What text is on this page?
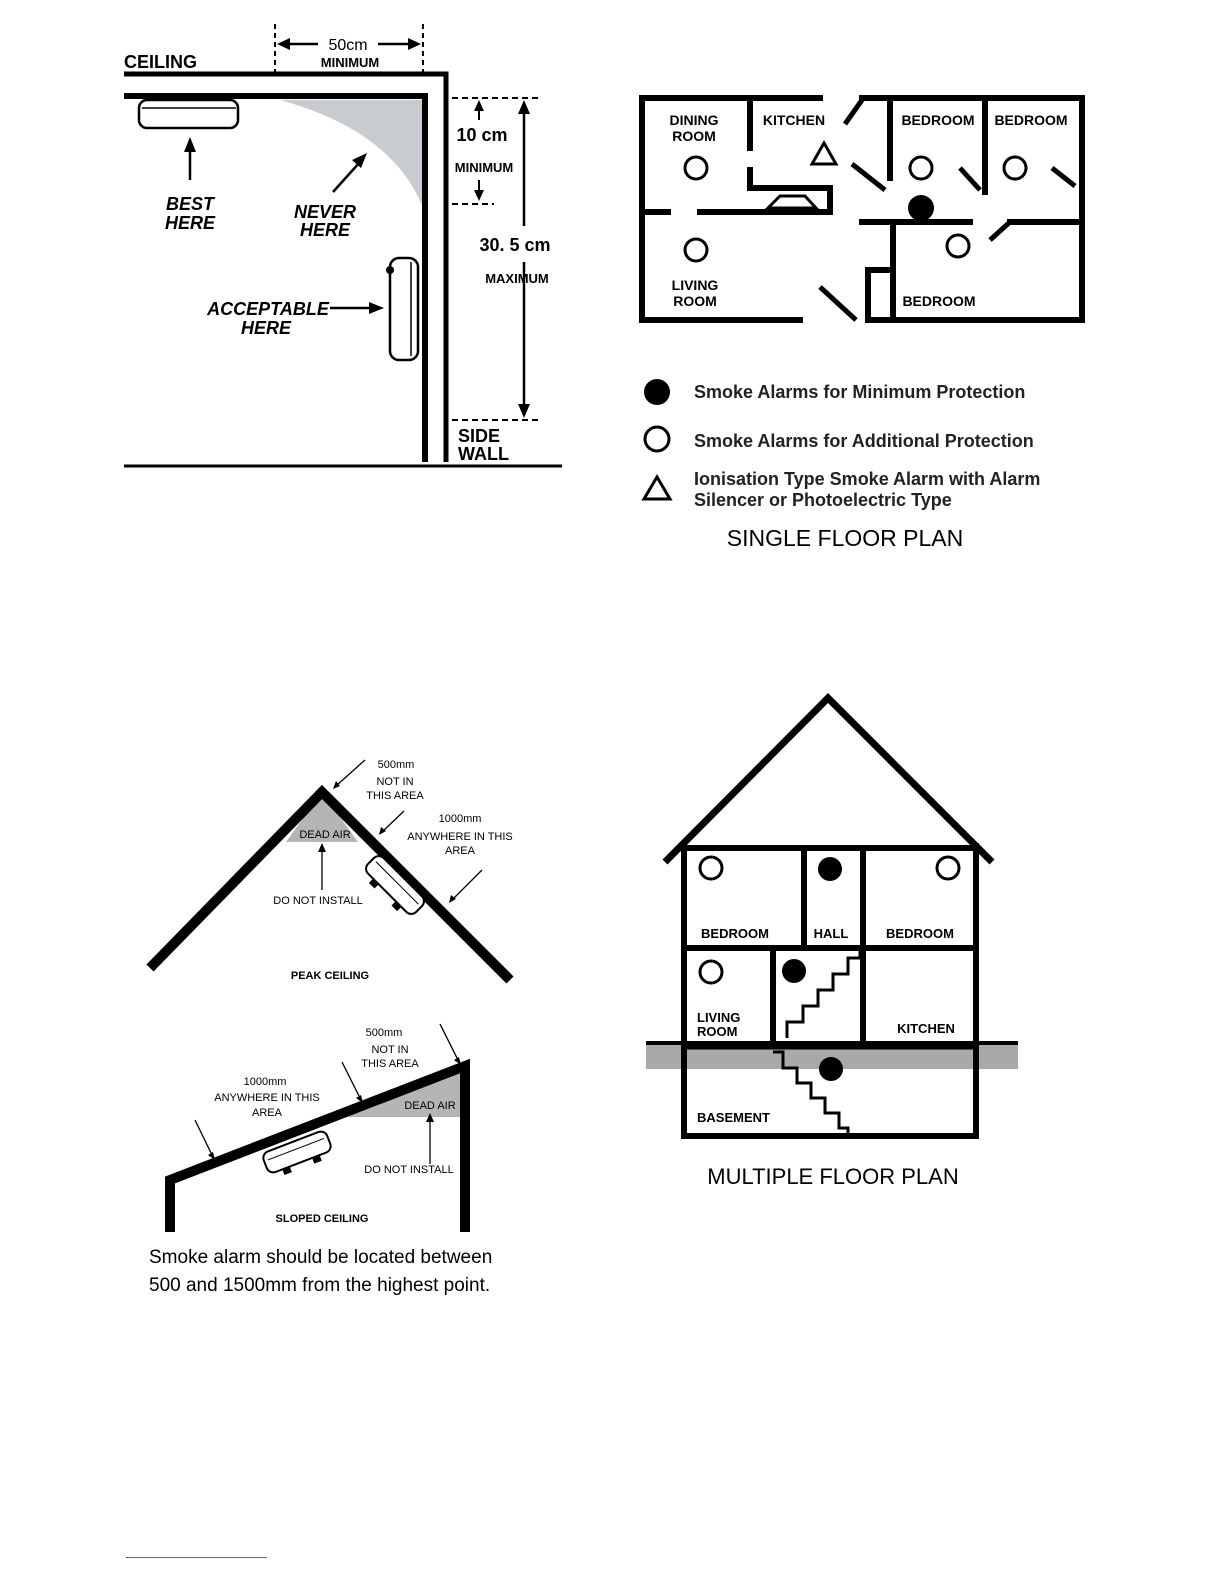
50cm
MINIMUM
CEILING
BEST
HERE
NEVER
HERE
ACCEPTABLE
HERE
10 cm
MINIMUM
30. 5 cm
MAXIMUM
SIDE
WALL
DINING
ROOM
KITCHEN	BEDROOM BEDROOM
LIVING
ROOM	BEDROOM
Smoke Alarms for Minimum Protection
Smoke Alarms for Additional Protection
Ionisation Type Smoke Alarm with Alarm
Silencer or Photoelectric Type
SINGLE FLOOR PLAN
500mm
NOT IN
THIS AREA
1000mm
ANYWHERE IN THIS
AREA
DEAD AIR
DO NOT INSTALL
PEAK CEILING
500mm
NOT IN
THIS AREA
1000mm
ANYWHERE IN THIS
AREA
DEAD AIR
DO NOT INSTALL
SLOPED CEILING
Smoke alarm should be located between
500 and 1500mm from the highest point.
BEDROOM	HALL	BEDROOM
LIVING
ROOM	KITCHEN
BASEMENT
MULTIPLE FLOOR PLAN
